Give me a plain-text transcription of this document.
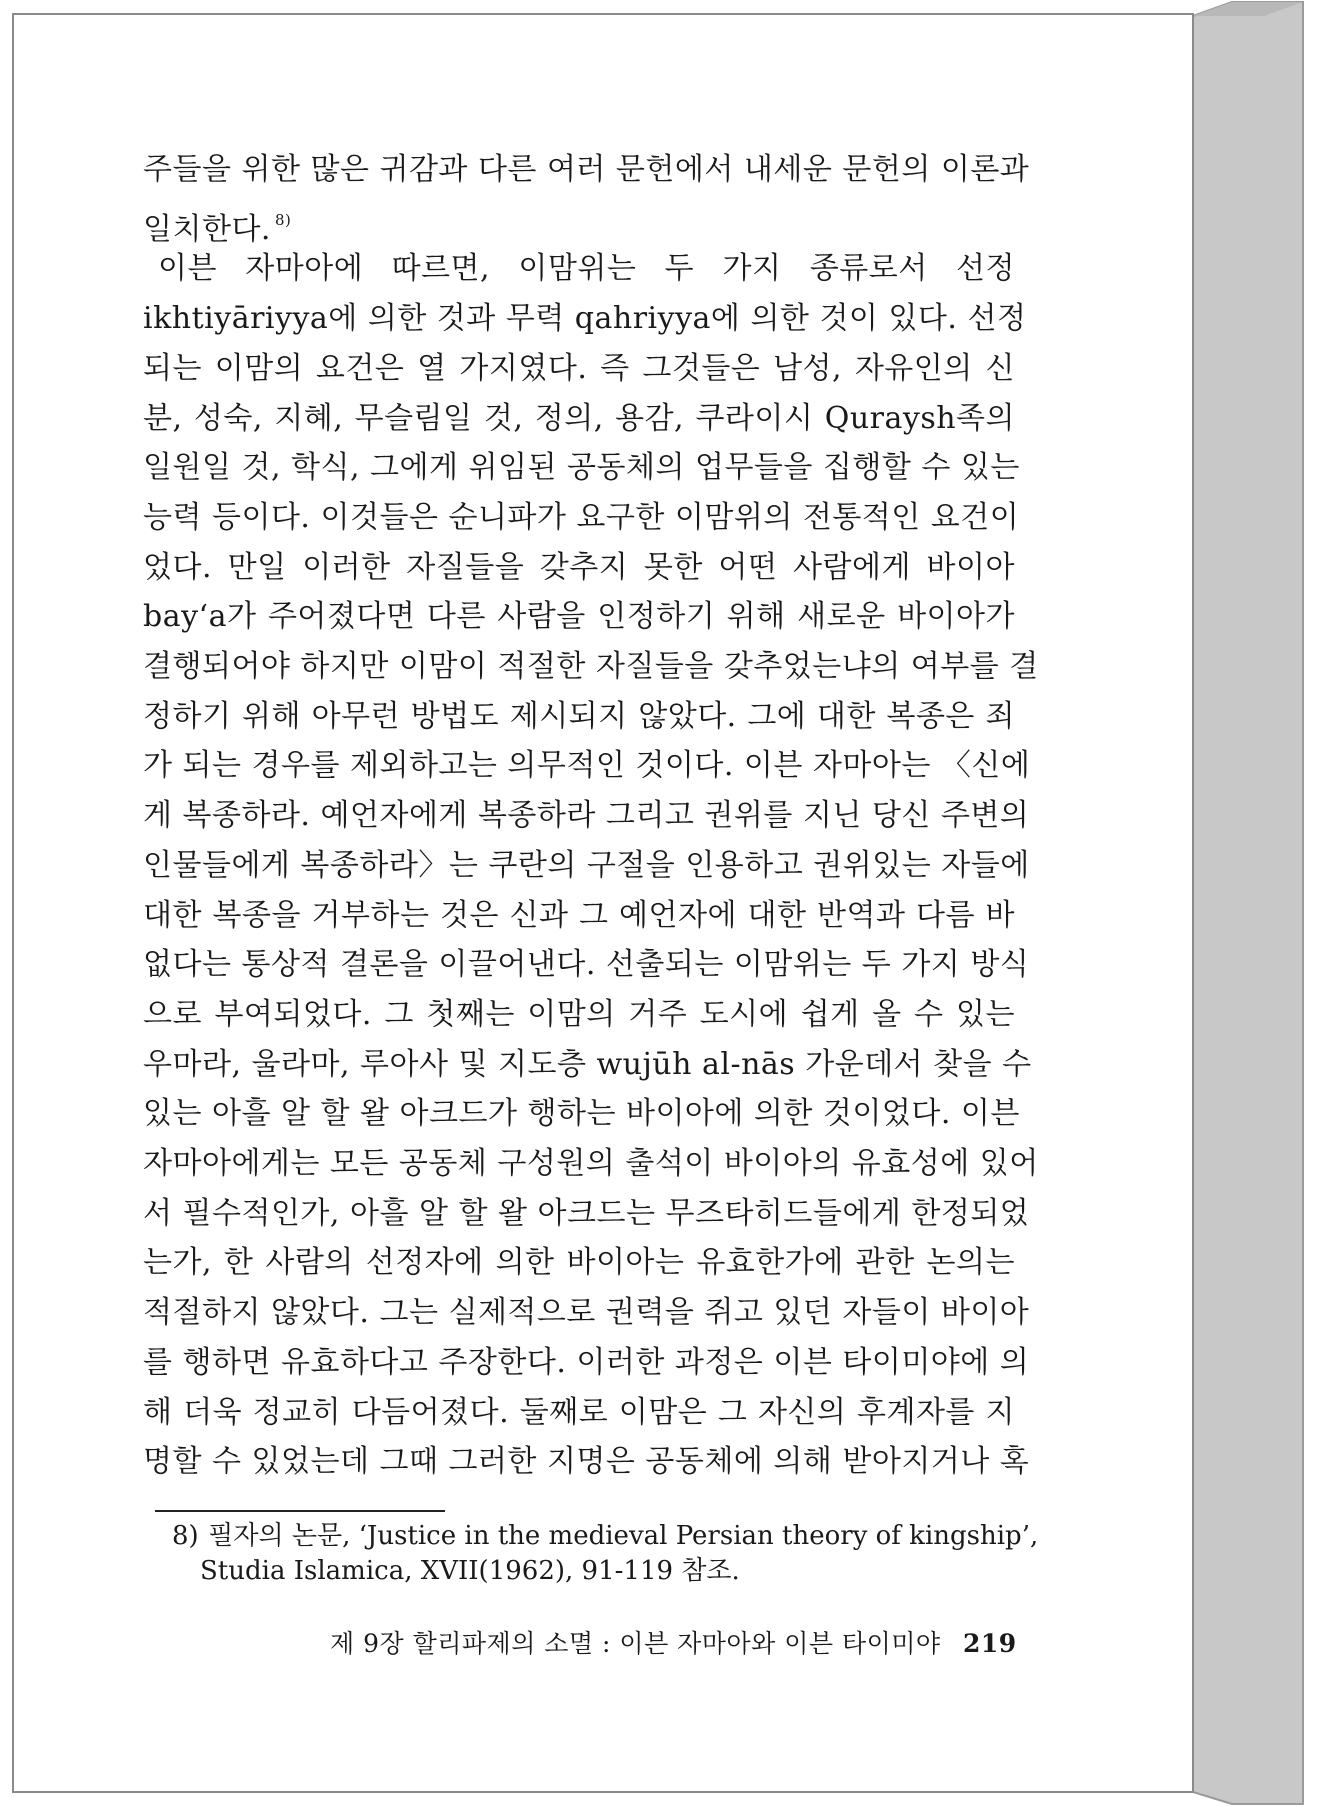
주들을 위한 많은 귀감과 다른 여러 문헌에서 내세운 문헌의 이론과
일치한다. $^{8)}$
이븐 자마아에 따르면, 이맘위는 두 가지 종류로서 선정
ikhtiyāriyya에 의한 것과 무력 qahriyya에 의한 것이 있다. 선정
되는 이맘의 요건은 열 가지였다. 즉 그것들은 남성, 자유인의 신
분, 성숙, 지혜, 무슬림일 것, 정의, 용감, 쿠라이시 Quraysh족의
일원일 것, 학식, 그에게 위임된 공동체의 업무들을 집행할 수 있는
능력 등이다. 이것들은 순니파가 요구한 이맘위의 전통적인 요건이
었다. 만일 이러한 자질들을 갖추지 못한 어떤 사람에게 바이아
bay‘a가 주어졌다면 다른 사람을 인정하기 위해 새로운 바이아가
결행되어야 하지만 이맘이 적절한 자질들을 갖추었는냐의 여부를 결
정하기 위해 아무런 방법도 제시되지 않았다. 그에 대한 복종은 죄
가 되는 경우를 제외하고는 의무적인 것이다. 이븐 자마아는 〈신에
게 복종하라. 예언자에게 복종하라 그리고 권위를 지닌 당신 주변의
인물들에게 복종하라〉는 쿠란의 구절을 인용하고 권위있는 자들에
대한 복종을 거부하는 것은 신과 그 예언자에 대한 반역과 다름 바
없다는 통상적 결론을 이끌어낸다. 선출되는 이맘위는 두 가지 방식
으로 부여되었다. 그 첫째는 이맘의 거주 도시에 쉽게 올 수 있는
우마라, 울라마, 루아사 및 지도층 wujūh al-nās 가운데서 찾을 수
있는 아흘 알 할 왈 아크드가 행하는 바이아에 의한 것이었다. 이븐
자마아에게는 모든 공동체 구성원의 출석이 바이아의 유효성에 있어
서 필수적인가, 아흘 알 할 왈 아크드는 무즈타히드들에게 한정되었
는가, 한 사람의 선정자에 의한 바이아는 유효한가에 관한 논의는
적절하지 않았다. 그는 실제적으로 권력을 쥐고 있던 자들이 바이아
를 행하면 유효하다고 주장한다. 이러한 과정은 이븐 타이미야에 의
해 더욱 정교히 다듬어졌다. 둘째로 이맘은 그 자신의 후계자를 지
명할 수 있었는데 그때 그러한 지명은 공동체에 의해 받아지거나 혹
8) 필자의 논문, ‘Justice in the medieval Persian theory of kingship’,
Studia Islamica, XVII(1962), 91-119 참조.
제 9장 할리파제의 소멸 : 이븐 자마아와 이븐 타이미야 219
